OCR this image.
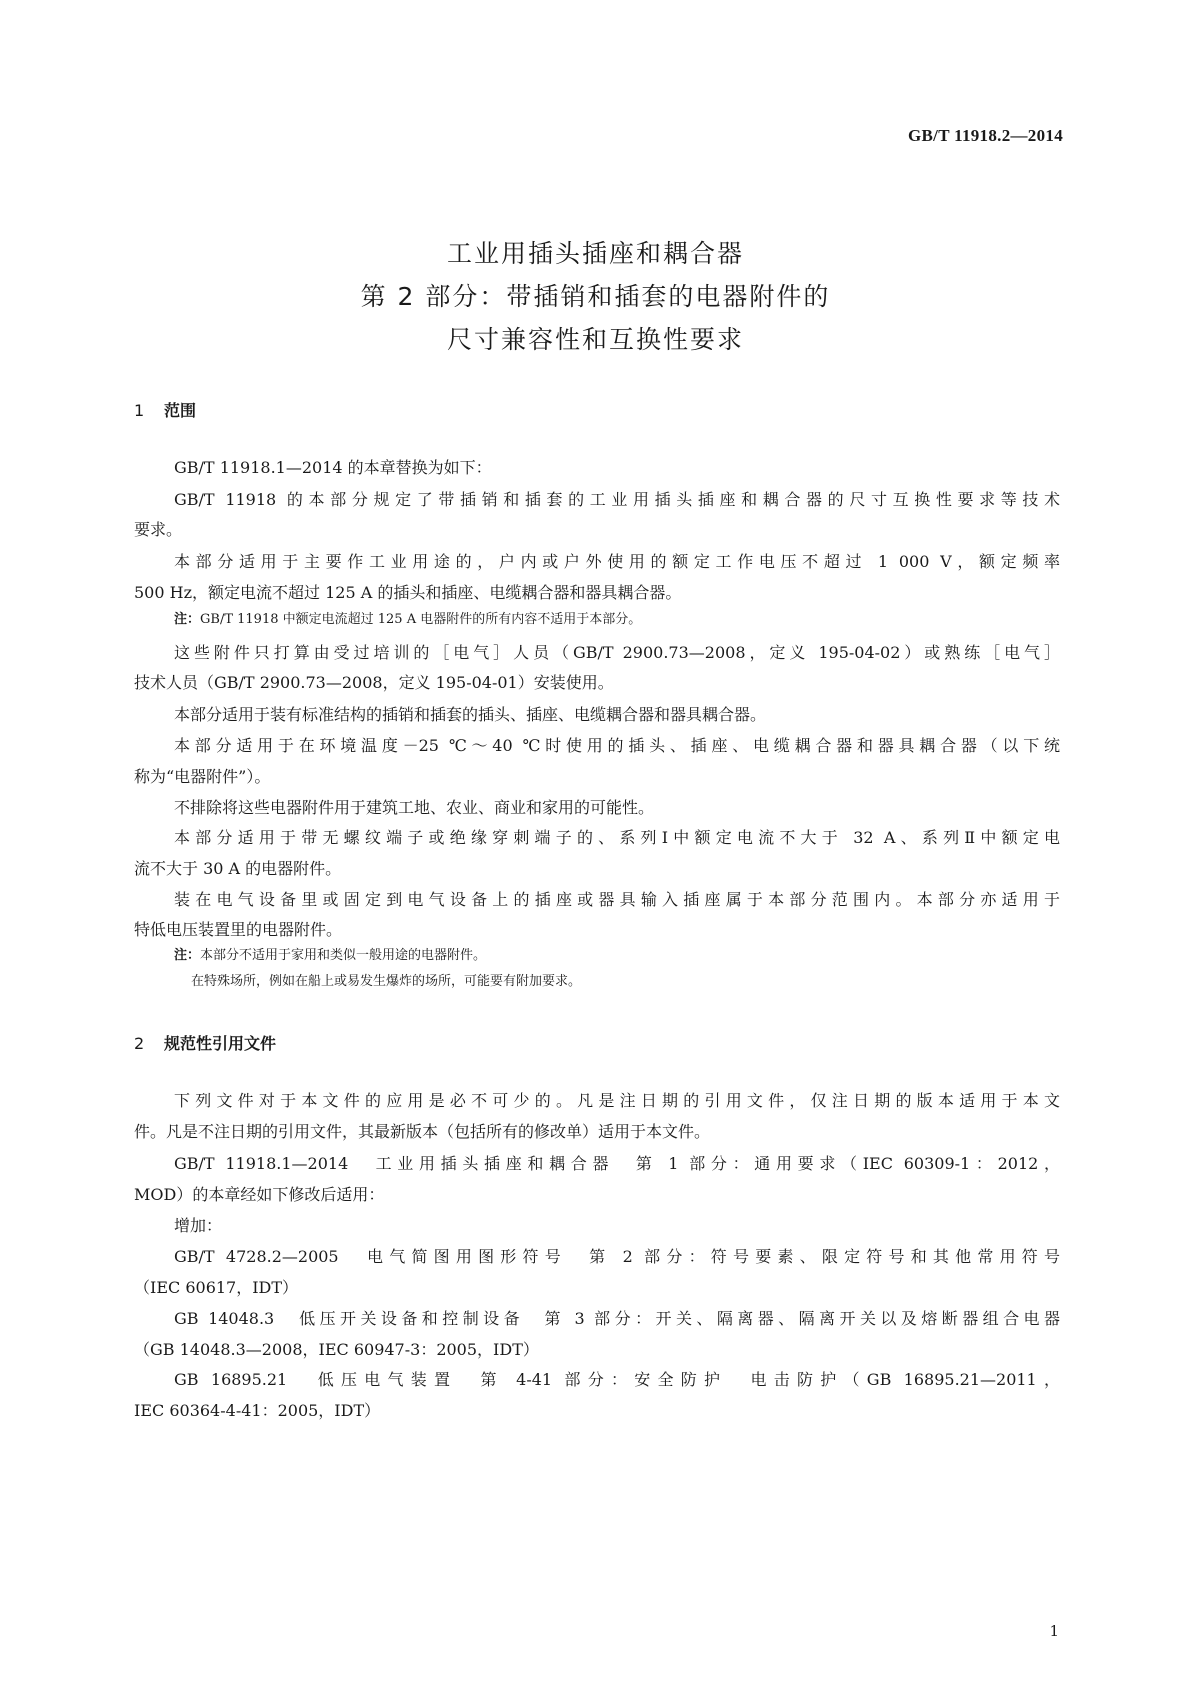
GB/T 11918.2—2014
工业用插头插座和耦合器
第 2 部分：带插销和插套的电器附件的
尺寸兼容性和互换性要求
1 范围

GB/T 11918.1—2014 的本章替换为如下：

GB/T 11918 的本部分规定了带插销和插套的工业用插头插座和耦合器的尺寸互换性要求等技术

要求。

本部分适用于主要作工业用途的，户内或户外使用的额定工作电压不超过 1 000 V，额定频率

500 Hz，额定电流不超过 125 A 的插头和插座、电缆耦合器和器具耦合器。

注：GB/T 11918 中额定电流超过 125 A 电器附件的所有内容不适用于本部分。

这些附件只打算由受过培训的［电气］人员（GB/T 2900.73—2008，定义 195-04-02）或熟练［电气］

技术人员（GB/T 2900.73—2008，定义 195-04-01）安装使用。

本部分适用于装有标准结构的插销和插套的插头、插座、电缆耦合器和器具耦合器。

本部分适用于在环境温度－25 ℃～40 ℃时使用的插头、插座、电缆耦合器和器具耦合器（以下统

称为“电器附件”）。

不排除将这些电器附件用于建筑工地、农业、商业和家用的可能性。

本部分适用于带无螺纹端子或绝缘穿刺端子的、系列Ⅰ中额定电流不大于 32 A、系列Ⅱ中额定电

流不大于 30 A 的电器附件。

装在电气设备里或固定到电气设备上的插座或器具输入插座属于本部分范围内。本部分亦适用于

特低电压装置里的电器附件。

注：本部分不适用于家用和类似一般用途的电器附件。
在特殊场所，例如在船上或易发生爆炸的场所，可能要有附加要求。
2 规范性引用文件

下列文件对于本文件的应用是必不可少的。凡是注日期的引用文件，仅注日期的版本适用于本文

件。凡是不注日期的引用文件，其最新版本（包括所有的修改单）适用于本文件。

GB/T 11918.1—2014　工业用插头插座和耦合器　第 1 部分：通用要求（IEC 60309-1：2012，

MOD）的本章经如下修改后适用：

增加：

GB/T 4728.2—2005　电气简图用图形符号　第 2 部分：符号要素、限定符号和其他常用符号

（IEC 60617，IDT）

GB 14048.3　低压开关设备和控制设备　第 3 部分：开关、隔离器、隔离开关以及熔断器组合电器

（GB 14048.3—2008，IEC 60947-3：2005，IDT）

GB 16895.21　低压电气装置　第 4-41 部分：安全防护　电击防护（GB 16895.21—2011，

IEC 60364-4-41：2005，IDT）

1
